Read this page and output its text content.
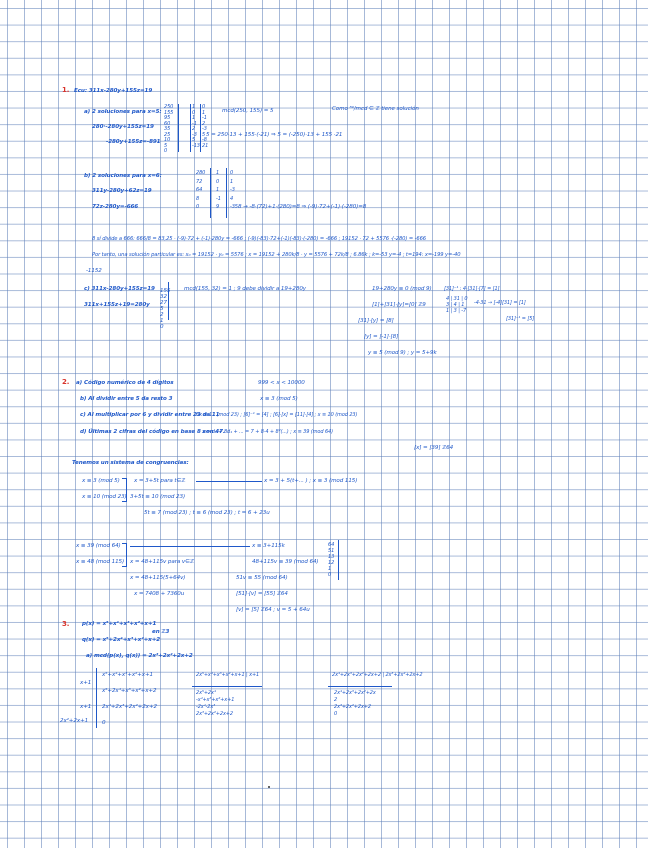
1. Ecu: 311x-280y+155z=19
a) 2 soluciones para x=5:
280·-280y+155z=19
-280y+155z=-891
250	1 0
155	0 1
95	1 -1
60	-1 2
35	2 -3
25	-3 5
10	5 -8
5	-13 21
0
mcd(250, 155) = 5	Como ⁸⁹/mcd ∈ ℤ tiene solución
5 = 250·13 + 155·(-21) ⇒ 5 = (-250)·13 + 155 ·21
b) 2 soluciones para x=6:
311y-280y+62z=19
72z-280y=-666
280 1 0
72	0 1
64	1 -3
8	-1 4
0	9 -35 8 → -8·(72)+1·(280)=8 ⇒ (-9)·72+(-1)·(-280)=8
8 sí divide a 666: 666/8 = 83,25 · (-9)·72 + (-1)·280y = -666 ; (-9)(-83)·72+(-1)(-83)·(-280) = -666 ; 19152 · 72 + 5576 ·(-280) = -666
Por tanto, una solución particular es: x₀ = 19152 · y₀ = 5576 ; x = 19152 + 280k/8 · y = 5576 + 72k/8 ; 6.86k ; k=-53 y=-4 ; t=194: x=-199 y=-40
-1152
c) 311x-280y+155z=19
311x+155z+19=280y
155
32
27
5
2
1
0
mcd(155, 32) = 1 ; 9 debe dividir a 19+280y	19+280y ≡ 0 (mod 9)
[1]+[31]·[y]=[0] ℤ9
[31]·[y] = [8]
[y] = [-1]·[8]
y ≡ 5 (mod 9) ; y = 5+9k
[31]⁻¹ : 4·[31]·[7] = [1]
4 | 31 | 0
3 | 4 | 1
1 | 3 | -7
-4·31 → [-4][31] = [1]
[31]⁻¹ = [5]
2. a) Código numérico de 4 dígitos	999 < x < 10000
b) Al dividir entre 5 da resto 3	x ≡ 3 (mod 5)
c) Al multiplicar por 6 y dividir entre 23 da 11
6x ≡ 11 (mod 23) ; [6]⁻¹ = [4] ; [6]·[x] = [11]·[4] ; x ≡ 10 (mod 23)
d) Últimas 2 cifras del código en base 8 son 47.
x = d₀ + 8d₁ + ... = 7 + 8·4 + 8²(...) ; x ≡ 39 (mod 64)
[x] = [39] ℤ64
Tenemos un sistema de congruencias:
x ≡ 3 (mod 5)
x ≡ 10 (mod 23)
x = 3+5t para t∈ℤ	x = 3 + 5(t+... ) ; x ≡ 3 (mod 115)
3+5t ≡ 10 (mod 23)
5t ≡ 7 (mod 23) ; t ≡ 6 (mod 23) ; t = 6 + 23u
x ≡ 39 (mod 64)
x ≡ 48 (mod 115)
x ≡ 3+115k
x = 48+115v para v∈ℤ	48+115v ≡ 39 (mod 64)
x = 48+115(5+64v)	51v ≡ 55 (mod 64)
x = 7408 + 7360u	[51]·[v] = [55] ℤ64
[v] = [5] ℤ64 ; v = 5 + 64u
64
51
13
12
1
0
3. p(x) = x⁵+x⁴+x³+x²+x+1
q(x) = x⁵+2x⁴+x³+x²+x+2
en ℤ3
a) mcd(p(x), q(x)) = 2x³+2x²+2x+2
x⁵+x⁴+x³+x²+x+1
x⁵+2x⁴+x³+x²+x+2
2x⁴+2x³+2x²+2x+2
0
x+1
x+1
2x²+2x+1
2x⁵+x⁴+x³+x²+x+1 | x+1
2x⁵+2x⁴
-x⁴+x³+x²+x+1
-2x⁴-2x³
2x³+2x²+2x+2
2x⁴+2x³+2x²+2x+2 | 2x³+2x²+2x+2
2x⁴+2x³+2x²+2x
2
2x³+2x²+2x+2
0
